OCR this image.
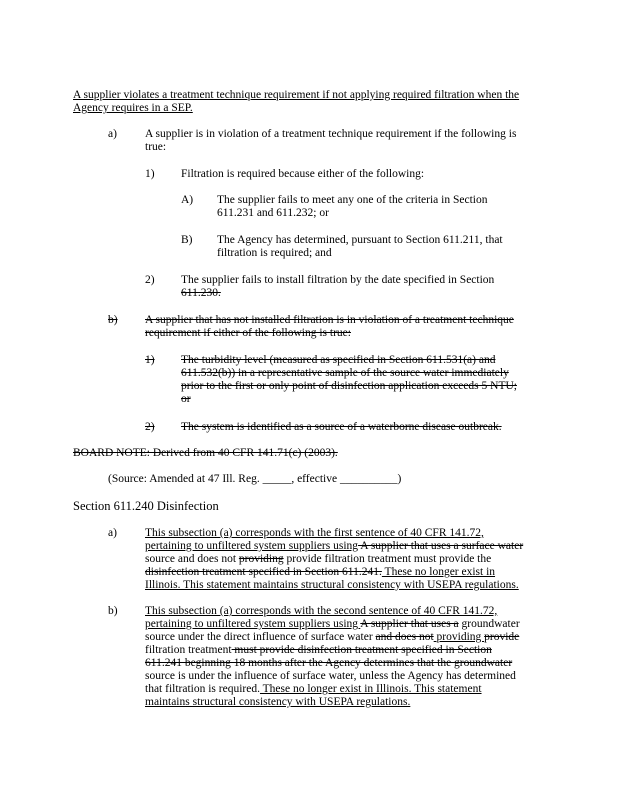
A supplier violates a treatment technique requirement if not applying required filtration when the
Agency requires in a SEP.
a) A supplier is in violation of a treatment technique requirement if the following is
true:
1) Filtration is required because either of the following:
A) The supplier fails to meet any one of the criteria in Section
611.231 and 611.232; or
B) The Agency has determined, pursuant to Section 611.211, that
filtration is required; and
2) The supplier fails to install filtration by the date specified in Section
611.230.
b) A supplier that has not installed filtration is in violation of a treatment technique
requirement if either of the following is true:
1) The turbidity level (measured as specified in Section 611.531(a) and
611.532(b)) in a representative sample of the source water immediately
prior to the first or only point of disinfection application exceeds 5 NTU;
or
2) The system is identified as a source of a waterborne disease outbreak.
BOARD NOTE: Derived from 40 CFR 141.71(c) (2003).
(Source: Amended at 47 Ill. Reg. _____, effective __________)
Section 611.240 Disinfection
a) This subsection (a) corresponds with the first sentence of 40 CFR 141.72,
pertaining to unfiltered system suppliers using A supplier that uses a surface water
source and does not providing provide filtration treatment must provide the
disinfection treatment specified in Section 611.241. These no longer exist in
Illinois. This statement maintains structural consistency with USEPA regulations.
b) This subsection (a) corresponds with the second sentence of 40 CFR 141.72,
pertaining to unfiltered system suppliers using A supplier that uses a groundwater
source under the direct influence of surface water and does not providing provide
filtration treatment must provide disinfection treatment specified in Section
611.241 beginning 18 months after the Agency determines that the groundwater
source is under the influence of surface water, unless the Agency has determined
that filtration is required. These no longer exist in Illinois. This statement
maintains structural consistency with USEPA regulations.
